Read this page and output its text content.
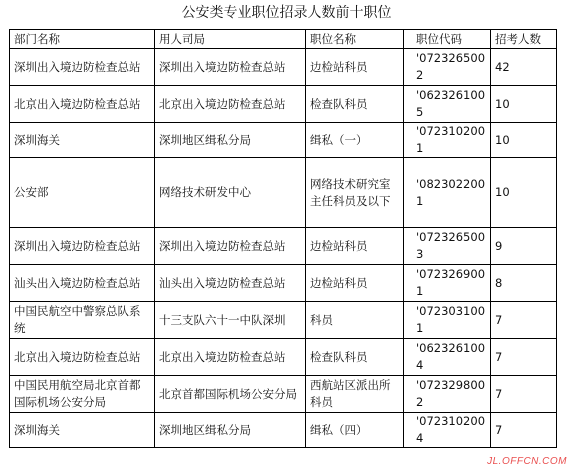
公安类专业职位招录人数前十职位
部门名称	用人司局	职位名称	职位代码	招考人数
深圳出入境边防检查总站	深圳出入境边防检查总站	边检站科员	'0723265002	42
北京出入境边防检查总站	北京出入境边防检查总站	检查队科员	'0623261005	10
深圳海关	深圳地区缉私分局	缉私（一）	'0723102001	10
公安部	网络技术研发中心	网络技术研究室主任科员及以下	'0823022001	10
深圳出入境边防检查总站	深圳出入境边防检查总站	边检站科员	'0723265003	9
汕头出入境边防检查总站	汕头出入境边防检查总站	边检站科员	'0723269001	8
中国民航空中警察总队系统	十三支队六十一中队深圳	科员	'0723031001	7
北京出入境边防检查总站	北京出入境边防检查总站	检查队科员	'0623261004	7
中国民用航空局北京首都国际机场公安分局	北京首都国际机场公安分局	西航站区派出所科员	'0723298002	7
深圳海关	深圳地区缉私分局	缉私（四）	'0723102004	7
JL.OFFCN.COM
